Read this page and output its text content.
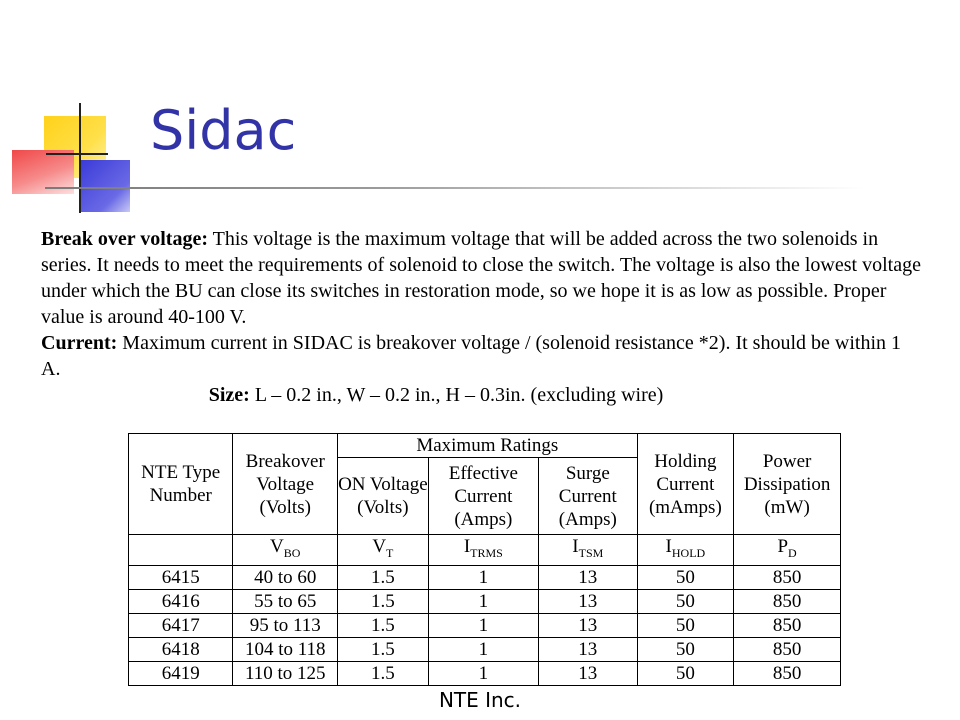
Sidac

Break over voltage: This voltage is the maximum voltage that will be added across the two solenoids in series. It needs to meet the requirements of solenoid to close the switch. The voltage is also the lowest voltage under which the BU can close its switches in restoration mode, so we hope it is as low as possible. Proper value is around 40-100 V.

Current: Maximum current in SIDAC is breakover voltage / (solenoid resistance *2). It should be within 1 A.

Size: L – 0.2 in., W – 0.2 in., H – 0.3in. (excluding wire)

NTE Type Number	Breakover Voltage (Volts)	Maximum Ratings			Holding Current (mAmps)	Power Dissipation (mW)
		ON Voltage (Volts)	Effective Current (Amps)	Surge Current (Amps)		
	$V_{BO}$	$V_T$	$I_{TRMS}$	$I_{TSM}$	$I_{HOLD}$	$P_D$
6415	40 to 60	1.5	1	13	50	850
6416	55 to 65	1.5	1	13	50	850
6417	95 to 113	1.5	1	13	50	850
6418	104 to 118	1.5	1	13	50	850
6419	110 to 125	1.5	1	13	50	850
NTE Inc.
